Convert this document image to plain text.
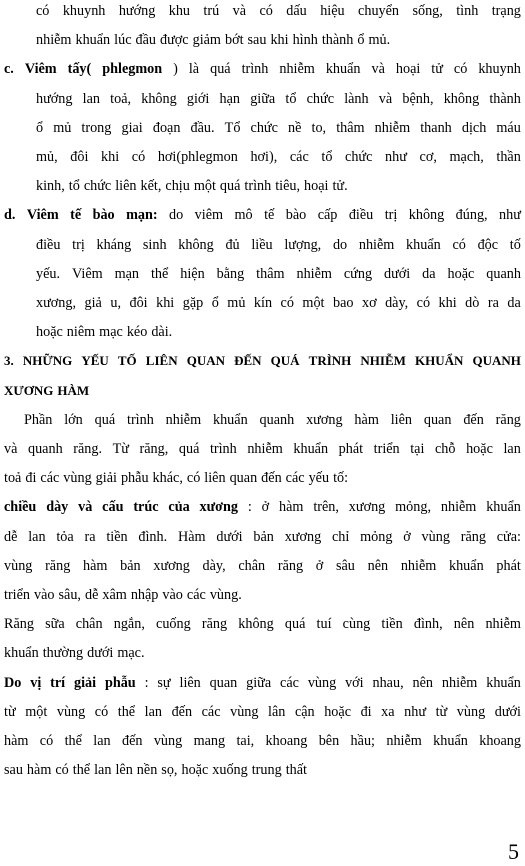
có khuynh hướng khu trú và có dấu hiệu chuyển sống, tình trạng
nhiễm khuẩn lúc đầu được giảm bớt sau khi hình thành ổ mủ.
c. Viêm tấy( phlegmon ) là quá trình nhiễm khuẩn và hoại tử có khuynh
hướng lan toả, không giới hạn giữa tổ chức lành và bệnh, không thành
ổ mủ trong giai đoạn đầu. Tổ chức nề to, thâm nhiễm thanh dịch máu
mủ, đôi khi có hơi(phlegmon hơi), các tổ chức như cơ, mạch, thần
kinh, tổ chức liên kết, chịu một quá trình tiêu, hoại tử.
d. Viêm tế bào mạn: do viêm mô tế bào cấp điều trị không đúng, như
điều trị kháng sinh không đủ liều lượng, do nhiễm khuẩn có độc tố
yếu. Viêm mạn thể hiện bằng thâm nhiễm cứng dưới da hoặc quanh
xương, giả u, đôi khi gặp ổ mủ kín có một bao xơ dày, có khi dò ra da
hoặc niêm mạc kéo dài.
3. NHỮNG YẾU TỐ LIÊN QUAN ĐẾN QUÁ TRÌNH NHIỄM KHUẨN QUANH
XƯƠNG HÀM
Phần lớn quá trình nhiễm khuẩn quanh xương hàm liên quan đến răng
và quanh răng. Từ răng, quá trình nhiễm khuẩn phát triển tại chỗ hoặc lan
toả đi các vùng giải phẫu khác, có liên quan đến các yếu tố:
chiều dày và cấu trúc của xương : ở hàm trên, xương mỏng, nhiễm khuẩn
dễ lan tỏa ra tiền đình. Hàm dưới bản xương chỉ mỏng ở vùng răng cửa:
vùng răng hàm bản xương dày, chân răng ở sâu nên nhiễm khuẩn phát
triển vào sâu, dễ xâm nhập vào các vùng.
Răng sữa chân ngắn, cuống răng không quá tuí cùng tiền đình, nên nhiễm
khuẩn thường dưới mạc.
Do vị trí giải phẫu : sự liên quan giữa các vùng với nhau, nên nhiễm khuẩn
từ một vùng có thể lan đến các vùng lân cận hoặc đi xa như từ vùng dưới
hàm có thể lan đến vùng mang tai, khoang bên hầu; nhiễm khuẩn khoang
sau hàm có thể lan lên nền sọ, hoặc xuống trung thất
5
